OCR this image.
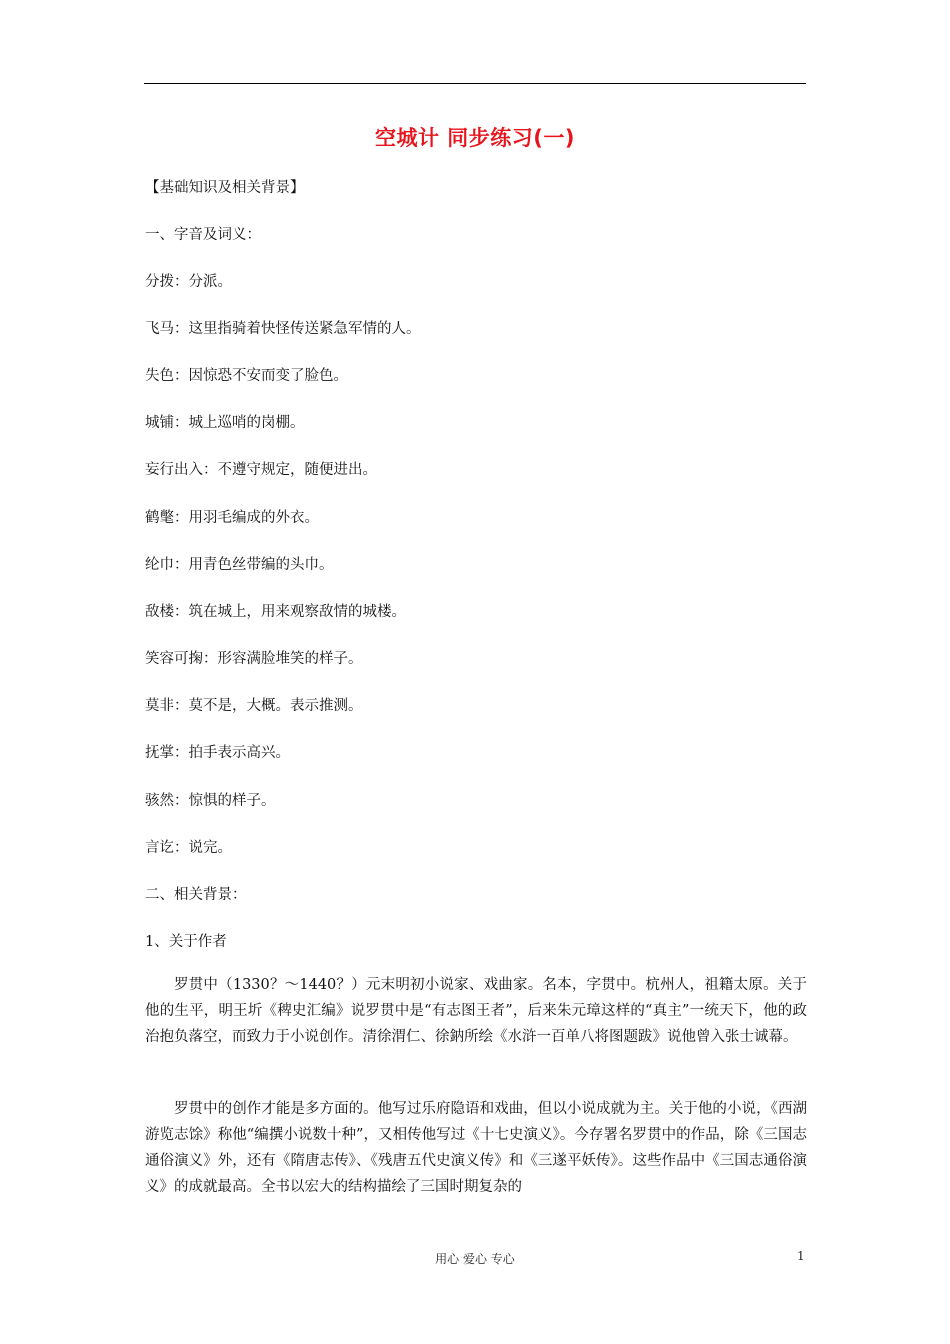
空城计 同步练习(一)
【基础知识及相关背景】
一、字音及词义：
分拨：分派。
飞马：这里指骑着快怪传送紧急军情的人。
失色：因惊恐不安而变了脸色。
城铺：城上巡哨的岗棚。
妄行出入：不遵守规定，随便进出。
鹤氅：用羽毛编成的外衣。
纶巾：用青色丝带编的头巾。
敌楼：筑在城上，用来观察敌情的城楼。
笑容可掬：形容满脸堆笑的样子。
莫非：莫不是，大概。表示推测。
抚掌：拍手表示高兴。
骇然：惊惧的样子。
言讫：说完。
二、相关背景：
1、关于作者
罗贯中（1330？～1440？）元末明初小说家、戏曲家。名本，字贯中。杭州人，祖籍太原。关于他的生平，明王圻《稗史汇编》说罗贯中是“有志图王者”，后来朱元璋这样的“真主”一统天下，他的政治抱负落空，而致力于小说创作。清徐渭仁、徐鈉所绘《水浒一百单八将图题跋》说他曾入张士诚幕。
罗贯中的创作才能是多方面的。他写过乐府隐语和戏曲，但以小说成就为主。关于他的小说，《西湖游览志馀》称他“编撰小说数十种”，又相传他写过《十七史演义》。今存署名罗贯中的作品，除《三国志通俗演义》外，还有《隋唐志传》、《残唐五代史演义传》和《三遂平妖传》。这些作品中《三国志通俗演义》的成就最高。全书以宏大的结构描绘了三国时期复杂的
用心 爱心 专心	1
